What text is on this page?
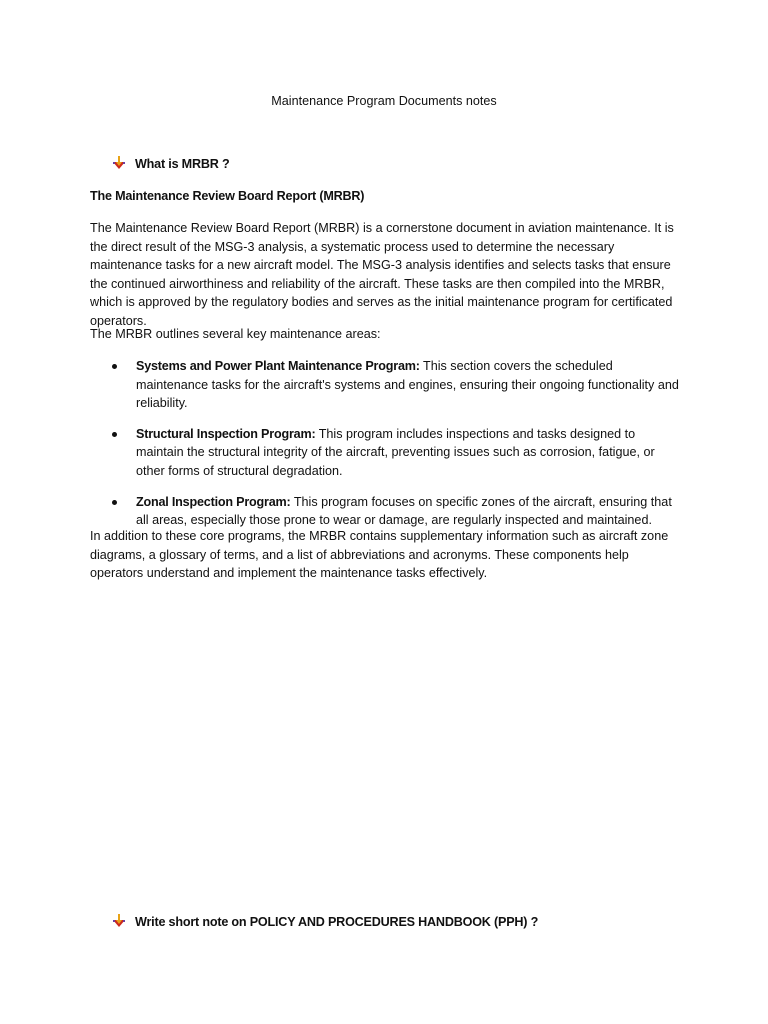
Maintenance Program Documents notes
What is MRBR ?
The Maintenance Review Board Report (MRBR)

The Maintenance Review Board Report (MRBR) is a cornerstone document in aviation maintenance. It is the direct result of the MSG-3 analysis, a systematic process used to determine the necessary maintenance tasks for a new aircraft model. The MSG-3 analysis identifies and selects tasks that ensure the continued airworthiness and reliability of the aircraft. These tasks are then compiled into the MRBR, which is approved by the regulatory bodies and serves as the initial maintenance program for certificated operators.

The MRBR outlines several key maintenance areas:

Systems and Power Plant Maintenance Program: This section covers the scheduled maintenance tasks for the aircraft's systems and engines, ensuring their ongoing functionality and reliability.
Structural Inspection Program: This program includes inspections and tasks designed to maintain the structural integrity of the aircraft, preventing issues such as corrosion, fatigue, or other forms of structural degradation.
Zonal Inspection Program: This program focuses on specific zones of the aircraft, ensuring that all areas, especially those prone to wear or damage, are regularly inspected and maintained.

In addition to these core programs, the MRBR contains supplementary information such as aircraft zone diagrams, a glossary of terms, and a list of abbreviations and acronyms. These components help operators understand and implement the maintenance tasks effectively.

Write short note on POLICY AND PROCEDURES HANDBOOK (PPH) ?
